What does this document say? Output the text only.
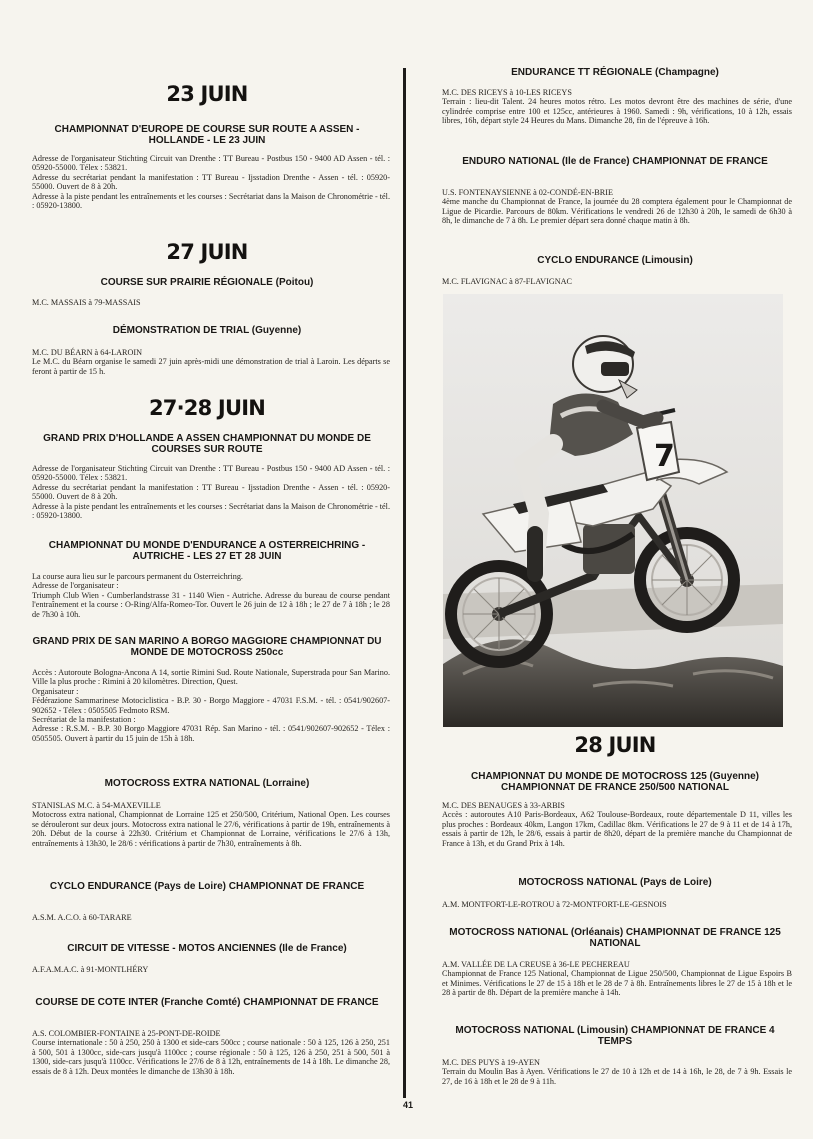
23 JUIN
CHAMPIONNAT D'EUROPE DE COURSE SUR ROUTE A ASSEN - HOLLANDE - LE 23 JUIN
Adresse de l'organisateur Stichting Circuit van Drenthe : TT Bureau - Postbus 150 - 9400 AD Assen - tél. : 05920-55000. Télex : 53821.
Adresse du secrétariat pendant la manifestation : TT Bureau - Ijsstadion Drenthe - Assen - tél. : 05920-55000. Ouvert de 8 à 20h.
Adresse à la piste pendant les entraînements et les courses : Secrétariat dans la Maison de Chronométrie - tél. : 05920-13800.
27 JUIN
COURSE SUR PRAIRIE RÉGIONALE (Poitou)
M.C. MASSAIS à 79-MASSAIS
DÉMONSTRATION DE TRIAL (Guyenne)
M.C. DU BÉARN à 64-LAROIN
Le M.C. du Béarn organise le samedi 27 juin après-midi une démonstration de trial à Laroin. Les départs se feront à partir de 15 h.
27·28 JUIN
GRAND PRIX D'HOLLANDE A ASSEN CHAMPIONNAT DU MONDE DE COURSES SUR ROUTE
Adresse de l'organisateur Stichting Circuit van Drenthe : TT Bureau - Postbus 150 - 9400 AD Assen - tél. : 05920-55000. Télex : 53821.
Adresse du secrétariat pendant la manifestation : TT Bureau - Ijsstadion Drenthe - Assen - tél. : 05920-55000. Ouvert de 8 à 20h.
Adresse à la piste pendant les entraînements et les courses : Secrétariat dans la Maison de Chronométrie - tél. : 05920-13800.
CHAMPIONNAT DU MONDE D'ENDURANCE A OSTERREICHRING - AUTRICHE - LES 27 ET 28 JUIN
La course aura lieu sur le parcours permanent du Osterreichring.
Adresse de l'organisateur :
Triumph Club Wien - Cumberlandstrasse 31 - 1140 Wien - Autriche. Adresse du bureau de course pendant l'entraînement et la course : O-Ring/Alfa-Romeo-Tor. Ouvert le 26 juin de 12 à 18h ; le 27 de 7 à 18h ; le 28 de 7h30 à 10h.
GRAND PRIX DE SAN MARINO A BORGO MAGGIORE CHAMPIONNAT DU MONDE DE MOTOCROSS 250cc
Accès : Autoroute Bologna-Ancona A 14, sortie Rimini Sud. Route Nationale, Superstrada pour San Marino. Ville la plus proche : Rimini à 20 kilomètres. Direction, Quest.
Organisateur :
Fédérazione Sammarinese Motociclistica - B.P. 30 - Borgo Maggiore - 47031 F.S.M. - tél. : 0541/902607-902652 - Télex : 0505505 Fedmoto RSM.
Secrétariat de la manifestation :
Adresse : R.S.M. - B.P. 30 Borgo Maggiore 47031 Rép. San Marino - tél. : 0541/902607-902652 - Télex : 0505505. Ouvert à partir du 15 juin de 15h à 18h.
MOTOCROSS EXTRA NATIONAL (Lorraine)
STANISLAS M.C. à 54-MAXEVILLE
Motocross extra national, Championnat de Lorraine 125 et 250/500, Critérium, National Open. Les courses se dérouleront sur deux jours. Motocross extra national le 27/6, vérifications à partir de 19h, entraînements à 20h. Début de la course à 22h30. Critérium et Championnat de Lorraine, vérifications le 27/6 à 13h, entraînements à 13h30, le 28/6 : vérifications à partir de 7h30, entraînements à 8h.
CYCLO ENDURANCE (Pays de Loire) CHAMPIONNAT DE FRANCE
A.S.M. A.C.O. à 60-TARARE
CIRCUIT DE VITESSE - MOTOS ANCIENNES (Ile de France)
A.F.A.M.A.C. à 91-MONTLHÉRY
COURSE DE COTE INTER (Franche Comté) CHAMPIONNAT DE FRANCE
A.S. COLOMBIER-FONTAINE à 25-PONT-DE-ROIDE
Course internationale : 50 à 250, 250 à 1300 et side-cars 500cc ; course nationale : 50 à 125, 126 à 250, 251 à 500, 501 à 1300cc, side-cars jusqu'à 1100cc ; course régionale : 50 à 125, 126 à 250, 251 à 500, 501 à 1300, side-cars jusqu'à 1100cc. Vérifications le 27/6 de 8 à 12h, entraînements de 14 à 18h. Le dimanche 28, essais de 8 à 12h. Deux montées le dimanche de 13h30 à 18h.
ENDURANCE TT RÉGIONALE (Champagne)
M.C. DES RICEYS à 10-LES RICEYS
Terrain : lieu-dit Talent. 24 heures motos rétro. Les motos devront être des machines de série, d'une cylindrée comprise entre 100 et 125cc, antérieures à 1960. Samedi : 9h, vérifications, 10 à 12h, essais libres, 16h, départ style 24 Heures du Mans. Dimanche 28, fin de l'épreuve à 16h.
ENDURO NATIONAL (Ile de France) CHAMPIONNAT DE FRANCE
U.S. FONTENAYSIENNE à 02-CONDÉ-EN-BRIE
4ème manche du Championnat de France, la journée du 28 comptera également pour le Championnat de Ligue de Picardie. Parcours de 80km. Vérifications le vendredi 26 de 12h30 à 20h, le samedi de 6h30 à 8h, le dimanche de 7 à 8h. Le premier départ sera donné chaque matin à 8h.
CYCLO ENDURANCE (Limousin)
M.C. FLAVIGNAC à 87-FLAVIGNAC
28 JUIN
CHAMPIONNAT DU MONDE DE MOTOCROSS 125 (Guyenne) CHAMPIONNAT DE FRANCE 250/500 NATIONAL
M.C. DES BENAUGES à 33-ARBIS
Accès : autoroutes A10 Paris-Bordeaux, A62 Toulouse-Bordeaux, route départementale D 11, villes les plus proches : Bordeaux 40km, Langon 17km, Cadillac 8km. Vérifications le 27 de 9 à 11 et de 14 à 17h, essais à partir de 12h, le 28/6, essais à partir de 8h20, départ de la première manche du Championnat de France à 13h, et du Grand Prix à 14h.
MOTOCROSS NATIONAL (Pays de Loire)
A.M. MONTFORT-LE-ROTROU à 72-MONTFORT-LE-GESNOIS
MOTOCROSS NATIONAL (Orléanais) CHAMPIONNAT DE FRANCE 125 NATIONAL
A.M. VALLÉE DE LA CREUSE à 36-LE PECHEREAU
Championnat de France 125 National, Championnat de Ligue 250/500, Championnat de Ligue Espoirs B et Minimes. Vérifications le 27 de 15 à 18h et le 28 de 7 à 8h. Entraînements libres le 27 de 15 à 18h et le 28 à partir de 8h. Départ de la première manche à 14h.
MOTOCROSS NATIONAL (Limousin) CHAMPIONNAT DE FRANCE 4 TEMPS
M.C. DES PUYS à 19-AYEN
Terrain du Moulin Bas à Ayen. Vérifications le 27 de 10 à 12h et de 14 à 16h, le 28, de 7 à 9h. Essais le 27, de 16 à 18h et le 28 de 9 à 11h.
7
41
